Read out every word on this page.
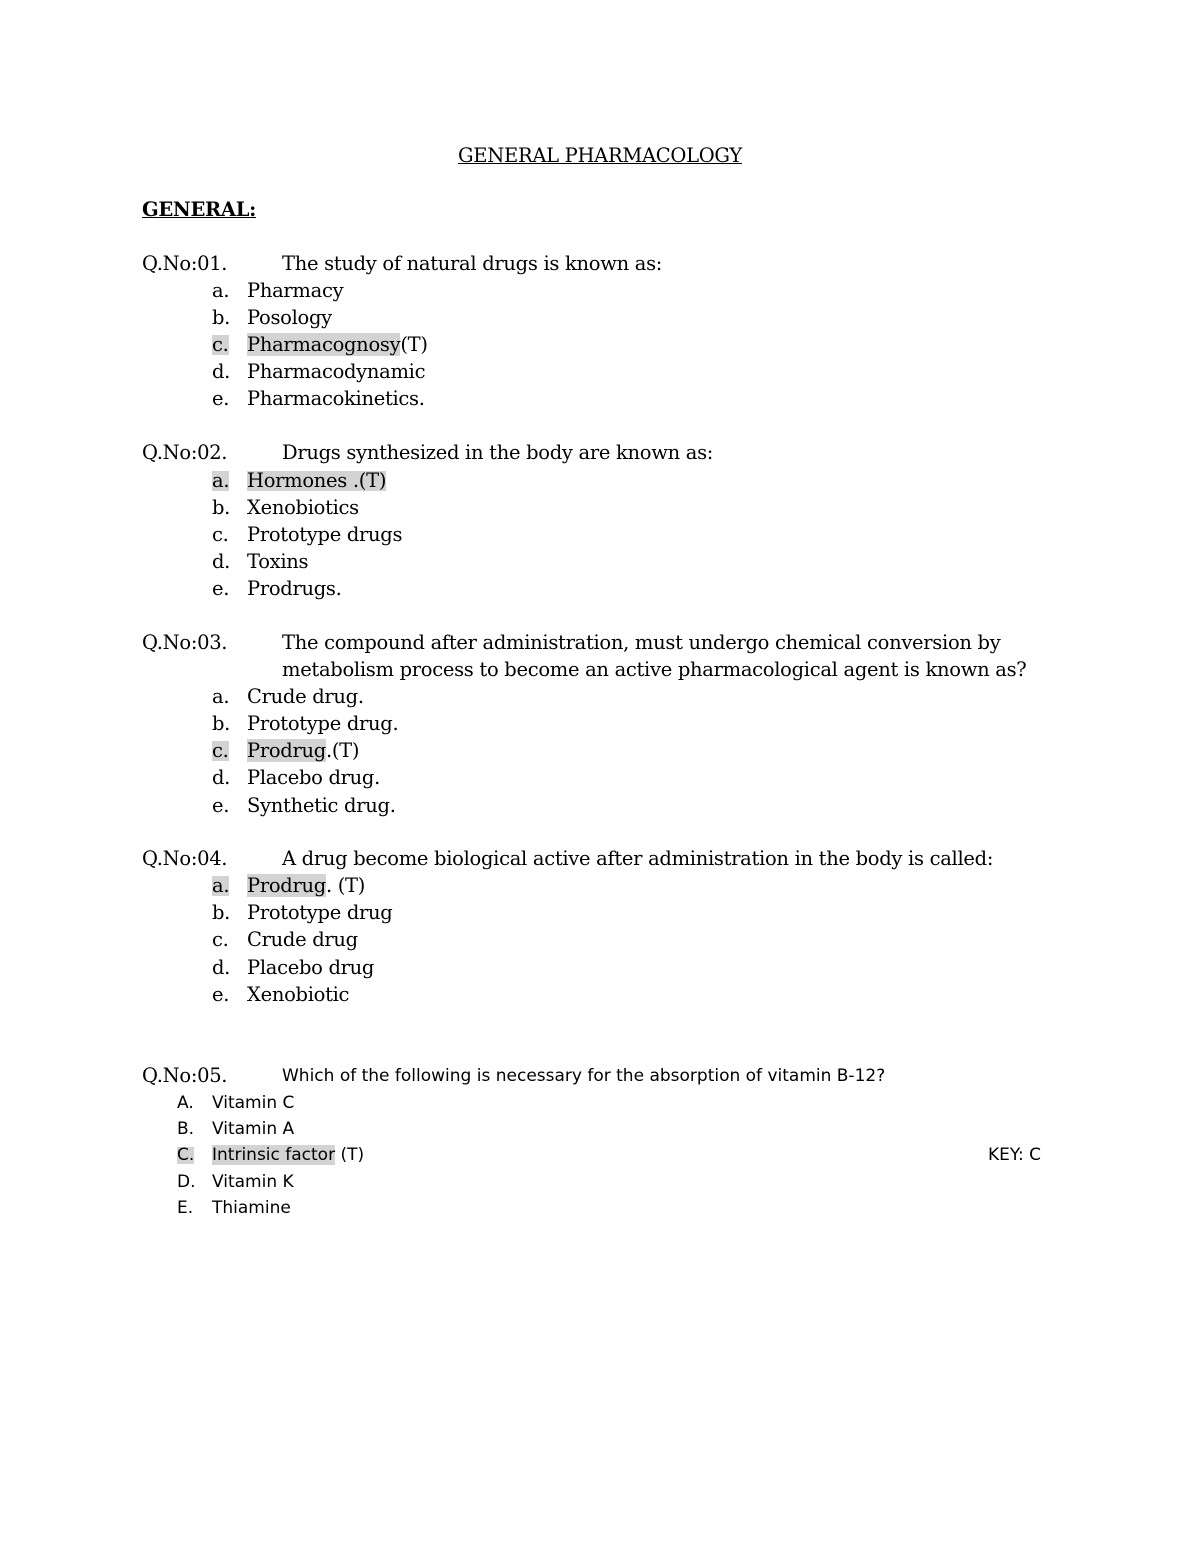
GENERAL PHARMACOLOGY
GENERAL:
Q.No:01.	The study of natural drugs is known as:
a. Pharmacy
b. Posology
c. Pharmacognosy(T)
d. Pharmacodynamic
e. Pharmacokinetics.
Q.No:02.	Drugs synthesized in the body are known as:
a. Hormones .(T)
b. Xenobiotics
c. Prototype drugs
d. Toxins
e. Prodrugs.
Q.No:03.	The compound after administration, must undergo chemical conversion by
metabolism process to become an active pharmacological agent is known as?
a. Crude drug.
b. Prototype drug.
c. Prodrug.(T)
d. Placebo drug.
e. Synthetic drug.
Q.No:04.	A drug become biological active after administration in the body is called:
a. Prodrug. (T)
b. Prototype drug
c. Crude drug
d. Placebo drug
e. Xenobiotic
Q.No:05.	Which of the following is necessary for the absorption of vitamin B-12?
A. Vitamin C
B. Vitamin A
C. Intrinsic factor (T)	KEY: C
D. Vitamin K
E. Thiamine
